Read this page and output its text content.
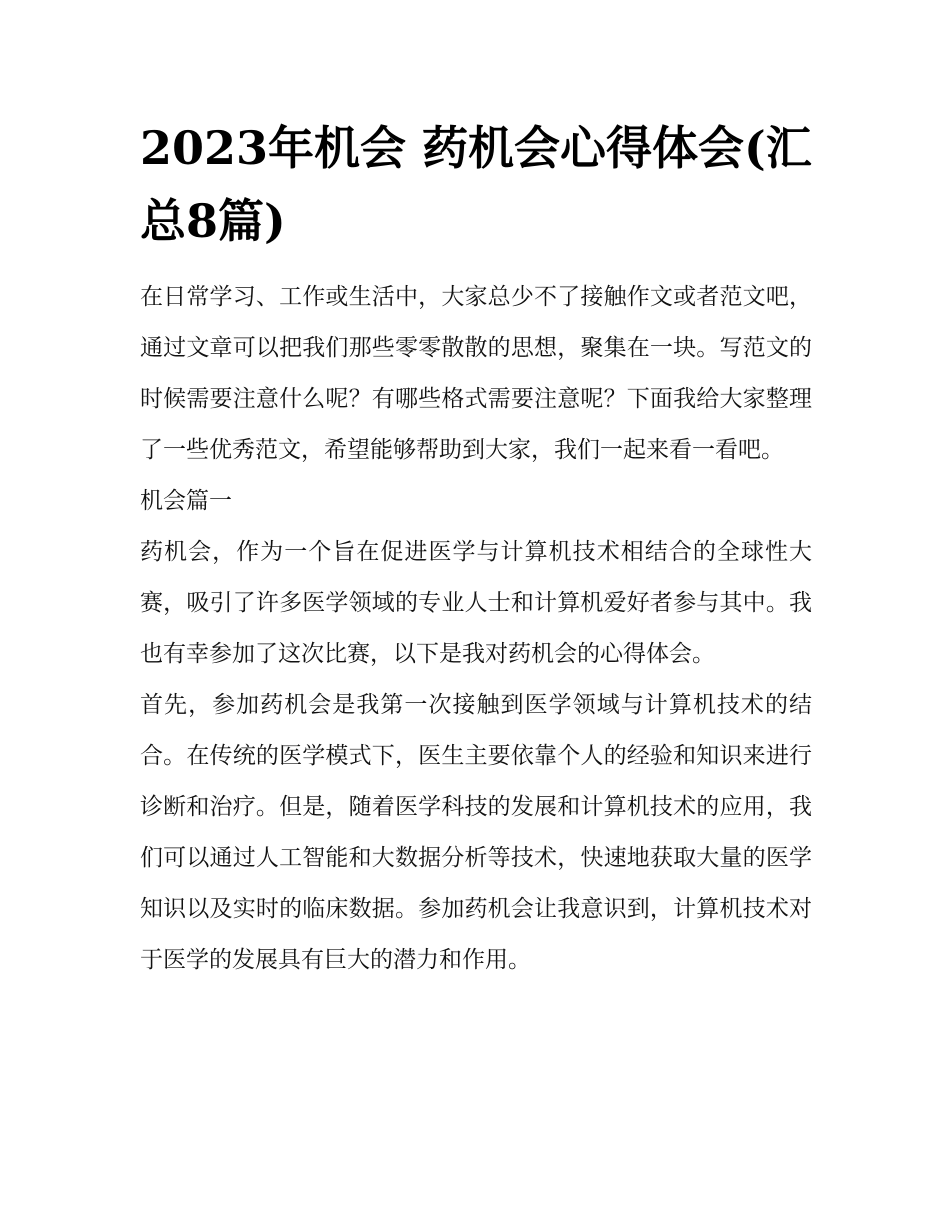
2023年机会 药机会心得体会(汇总8篇)

在日常学习、工作或生活中，大家总少不了接触作文或者范文吧，通过文章可以把我们那些零零散散的思想，聚集在一块。写范文的时候需要注意什么呢？有哪些格式需要注意呢？下面我给大家整理了一些优秀范文，希望能够帮助到大家，我们一起来看一看吧。

机会篇一

药机会，作为一个旨在促进医学与计算机技术相结合的全球性大赛，吸引了许多医学领域的专业人士和计算机爱好者参与其中。我也有幸参加了这次比赛，以下是我对药机会的心得体会。

首先，参加药机会是我第一次接触到医学领域与计算机技术的结合。在传统的医学模式下，医生主要依靠个人的经验和知识来进行诊断和治疗。但是，随着医学科技的发展和计算机技术的应用，我们可以通过人工智能和大数据分析等技术，快速地获取大量的医学知识以及实时的临床数据。参加药机会让我意识到，计算机技术对于医学的发展具有巨大的潜力和作用。
